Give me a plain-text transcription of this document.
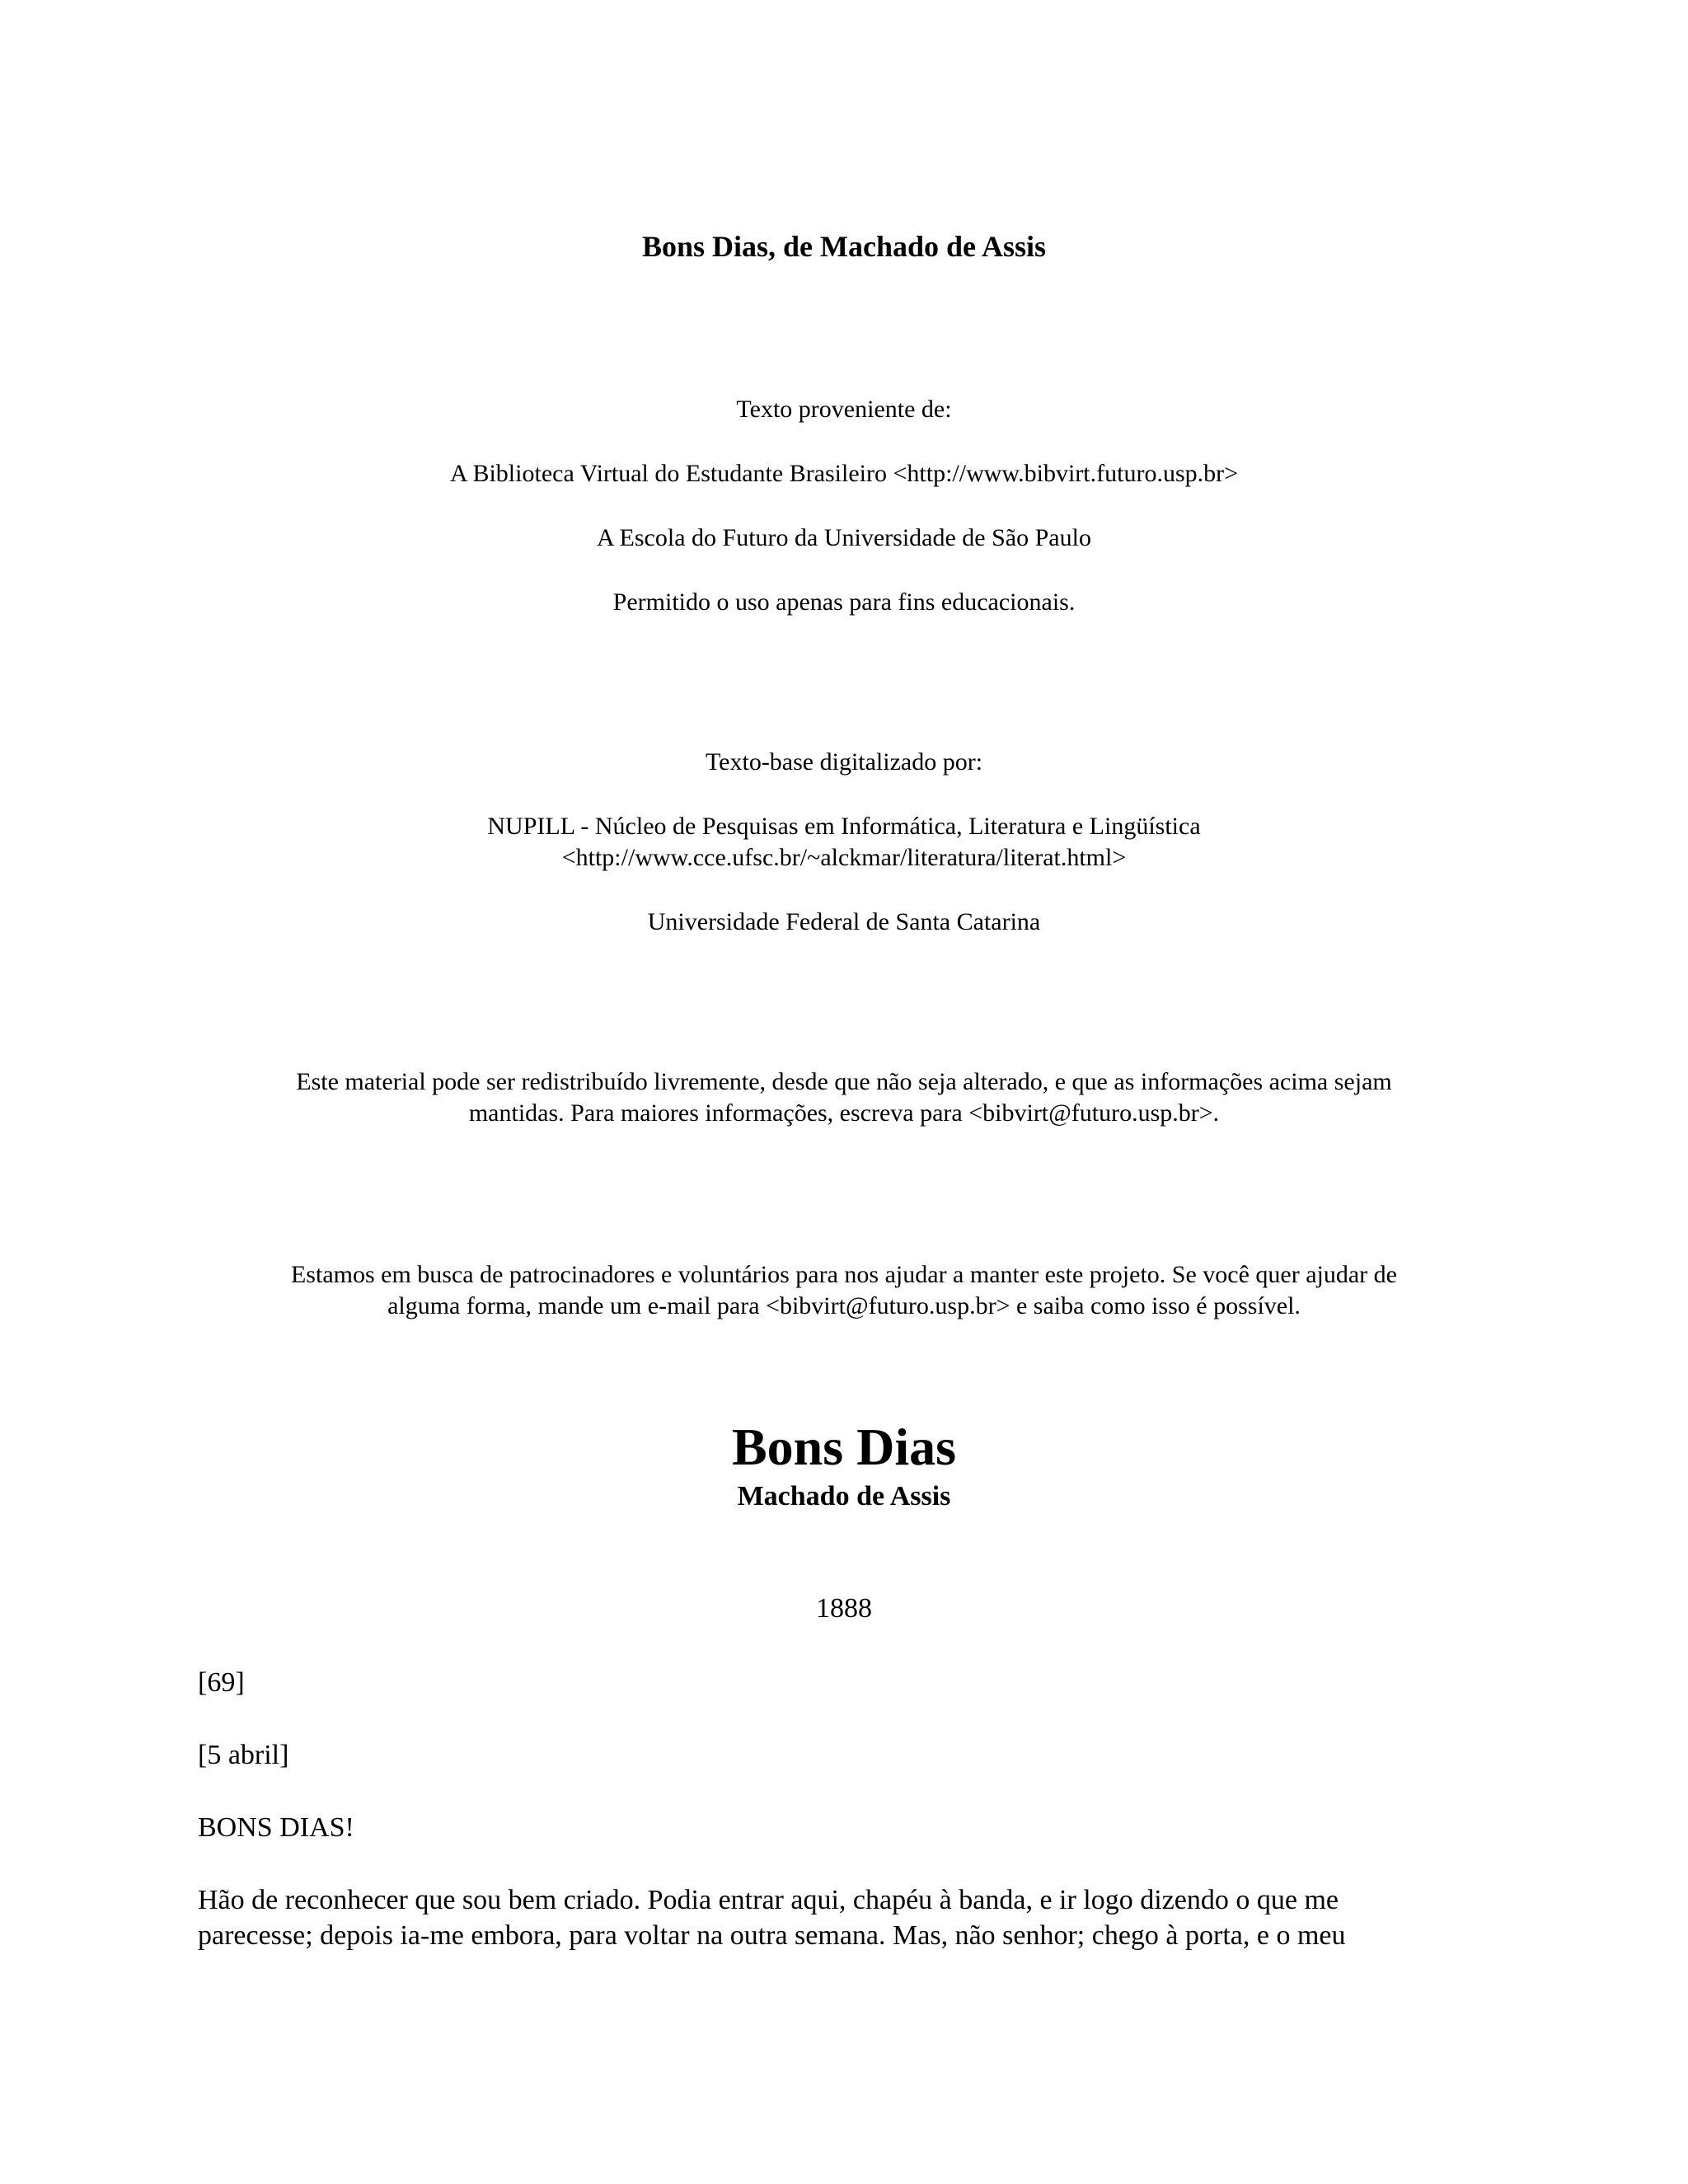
Bons Dias, de Machado de Assis

Texto proveniente de:

A Biblioteca Virtual do Estudante Brasileiro <http://www.bibvirt.futuro.usp.br>

A Escola do Futuro da Universidade de São Paulo

Permitido o uso apenas para fins educacionais.

Texto-base digitalizado por:

NUPILL - Núcleo de Pesquisas em Informática, Literatura e Lingüística

<http://www.cce.ufsc.br/~alckmar/literatura/literat.html>

Universidade Federal de Santa Catarina

Este material pode ser redistribuído livremente, desde que não seja alterado, e que as informações acima sejam

mantidas. Para maiores informações, escreva para <bibvirt@futuro.usp.br>.

Estamos em busca de patrocinadores e voluntários para nos ajudar a manter este projeto. Se você quer ajudar de

alguma forma, mande um e-mail para <bibvirt@futuro.usp.br> e saiba como isso é possível.

Bons Dias

Machado de Assis

1888

[69]

[5 abril]

BONS DIAS!

Hão de reconhecer que sou bem criado. Podia entrar aqui, chapéu à banda, e ir logo dizendo o que me

parecesse; depois ia-me embora, para voltar na outra semana. Mas, não senhor; chego à porta, e o meu
